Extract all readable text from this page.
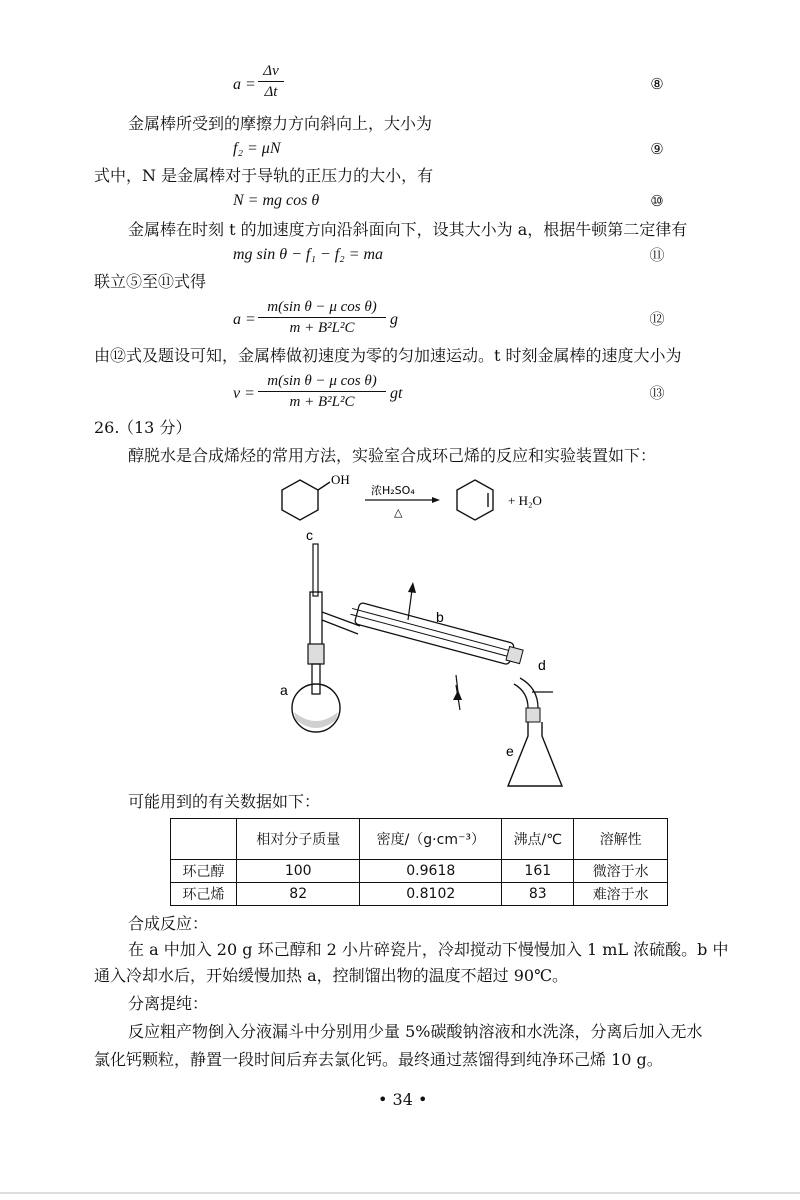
a =
Δv
Δt	⑧
金属棒所受到的摩擦力方向斜向上，大小为
f₂ = μN	⑨
式中，N 是金属棒对于导轨的正压力的大小，有
N = mg cos θ	⑩
金属棒在时刻 t 的加速度方向沿斜面向下，设其大小为 a，根据牛顿第二定律有
mg sin θ − f₁ − f₂ = ma	⑪
联立⑤至⑪式得
a =
m(sin θ − μ cos θ)
m + B²L²C	g	⑫
由⑫式及题设可知，金属棒做初速度为零的匀加速运动。t 时刻金属棒的速度大小为
v =
m(sin θ − μ cos θ)
m + B²L²C	gt	⑬
26.
（13 分）
醇脱水是合成烯烃的常用方法，实验室合成环己烯的反应和实验装置如下：
OH
浓H₂SO₄
△
+ H₂O
c
a
b
d
e
可能用到的有关数据如下：
	相对分子质量	密度/（g·cm⁻³）	沸点/℃	溶解性
环己醇	100	0.9618	161	微溶于水
环己烯	82	0.8102	83	难溶于水
合成反应：
在 a 中加入 20 g 环己醇和 2 小片碎瓷片，冷却搅动下慢慢加入 1 mL 浓硫酸。b 中
通入冷却水后，开始缓慢加热 a，控制馏出物的温度不超过 90℃。
分离提纯：
反应粗产物倒入分液漏斗中分别用少量 5%碳酸钠溶液和水洗涤，分离后加入无水
氯化钙颗粒，静置一段时间后弃去氯化钙。最终通过蒸馏得到纯净环己烯 10 g。
• 34 •
